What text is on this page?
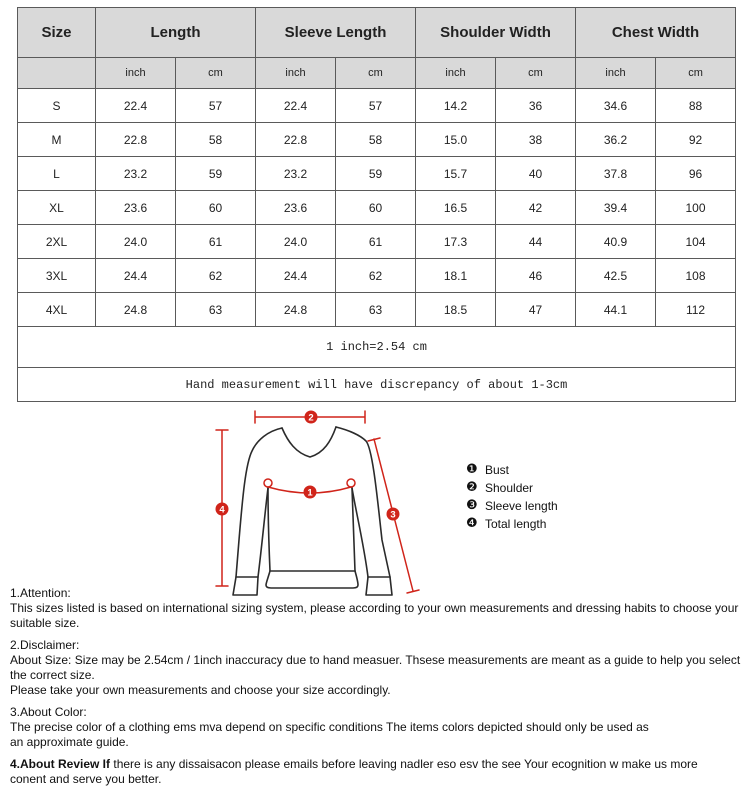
Size	Length		Sleeve Length		Shoulder Width		Chest Width	
	inch	cm	inch	cm	inch	cm	inch	cm
S	22.4	57	22.4	57	14.2	36	34.6	88
M	22.8	58	22.8	58	15.0	38	36.2	92
L	23.2	59	23.2	59	15.7	40	37.8	96
XL	23.6	60	23.6	60	16.5	42	39.4	100
2XL	24.0	61	24.0	61	17.3	44	40.9	104
3XL	24.4	62	24.4	62	18.1	46	42.5	108
4XL	24.8	63	24.8	63	18.5	47	44.1	112
1 inch=2.54 cm								
Hand measurement will have discrepancy of about 1-3cm								
2
4
1
3
❶ Bust
❷ Shoulder
❸ Sleeve length
❹ Total length
1.Attention:
This sizes listed is based on international sizing system, please according to your own measurements and dressing habits to choose your suitable size.
2.Disclaimer:
About Size: Size may be 2.54cm / 1inch inaccuracy due to hand measuer. Thsese measurements are meant as a guide to help you select the correct size.
Please take your own measurements and choose your size accordingly.
3.About Color:
The precise color of a clothing ems mva depend on specific conditions The items colors depicted should only be used as
an approximate guide.
4.About Review If there is any dissaisacon please emails before leaving nadler eso esv the see Your ecognition w make us more
conent and serve you better.
